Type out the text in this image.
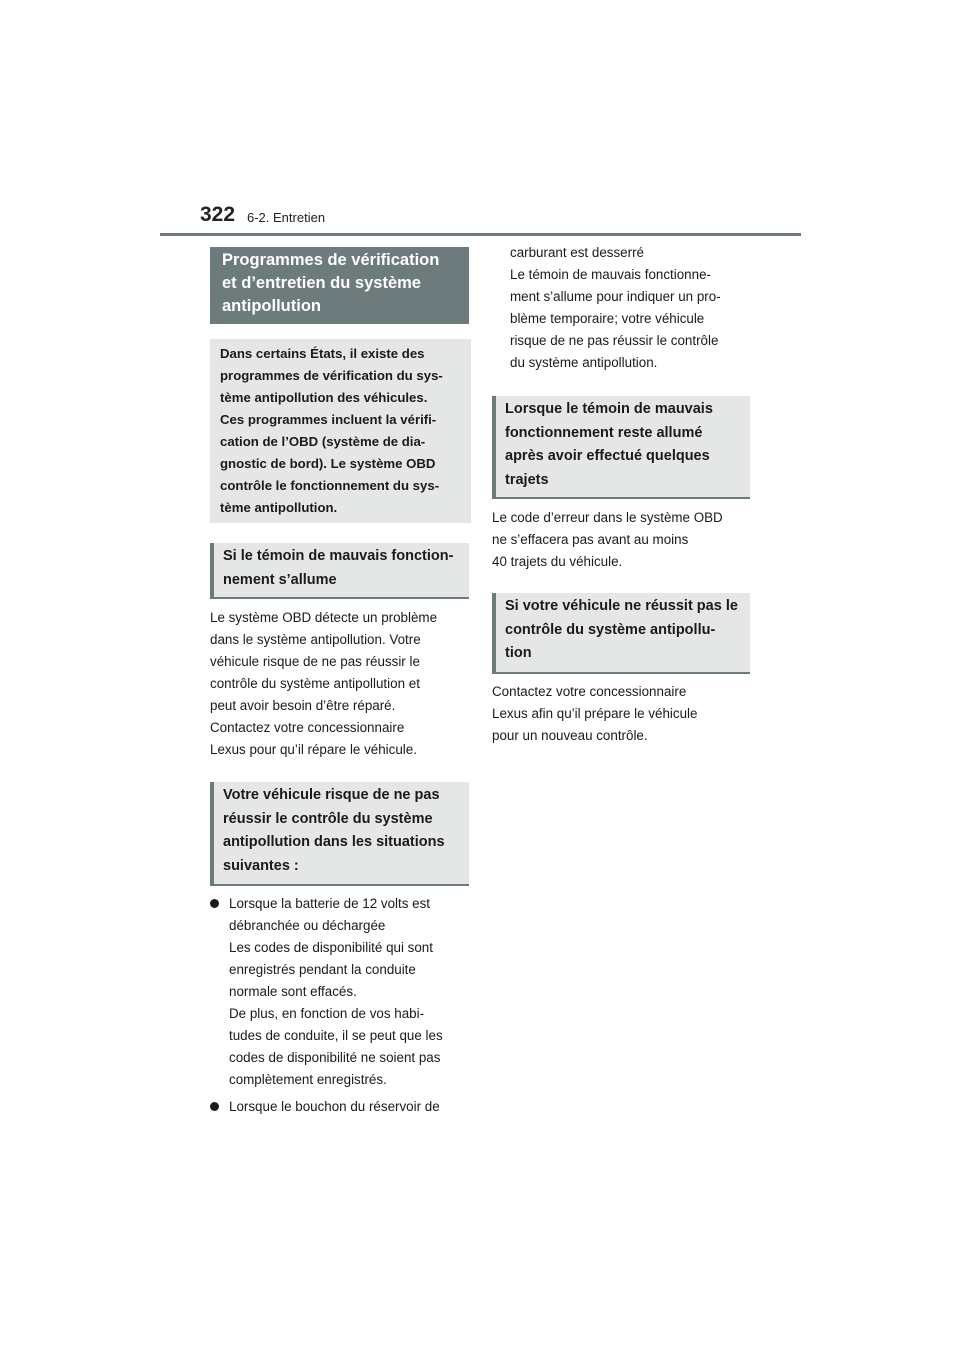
322 6-2. Entretien
Programmes de vérification
et d’entretien du système
antipollution
Dans certains États, il existe des
programmes de vérification du sys-
tème antipollution des véhicules.
Ces programmes incluent la vérifi-
cation de l’OBD (système de dia-
gnostic de bord). Le système OBD
contrôle le fonctionnement du sys-
tème antipollution.
Si le témoin de mauvais fonction-
nement s’allume
Le système OBD détecte un problème
dans le système antipollution. Votre
véhicule risque de ne pas réussir le
contrôle du système antipollution et
peut avoir besoin d’être réparé.
Contactez votre concessionnaire
Lexus pour qu’il répare le véhicule.
Votre véhicule risque de ne pas
réussir le contrôle du système
antipollution dans les situations
suivantes :
Lorsque la batterie de 12 volts est
débranchée ou déchargée
Les codes de disponibilité qui sont
enregistrés pendant la conduite
normale sont effacés.
De plus, en fonction de vos habi-
tudes de conduite, il se peut que les
codes de disponibilité ne soient pas
complètement enregistrés.
Lorsque le bouchon du réservoir de
carburant est desserré
Le témoin de mauvais fonctionne-
ment s’allume pour indiquer un pro-
blème temporaire; votre véhicule
risque de ne pas réussir le contrôle
du système antipollution.
Lorsque le témoin de mauvais
fonctionnement reste allumé
après avoir effectué quelques
trajets
Le code d’erreur dans le système OBD
ne s’effacera pas avant au moins
40 trajets du véhicule.
Si votre véhicule ne réussit pas le
contrôle du système antipollu-
tion
Contactez votre concessionnaire
Lexus afin qu’il prépare le véhicule
pour un nouveau contrôle.
